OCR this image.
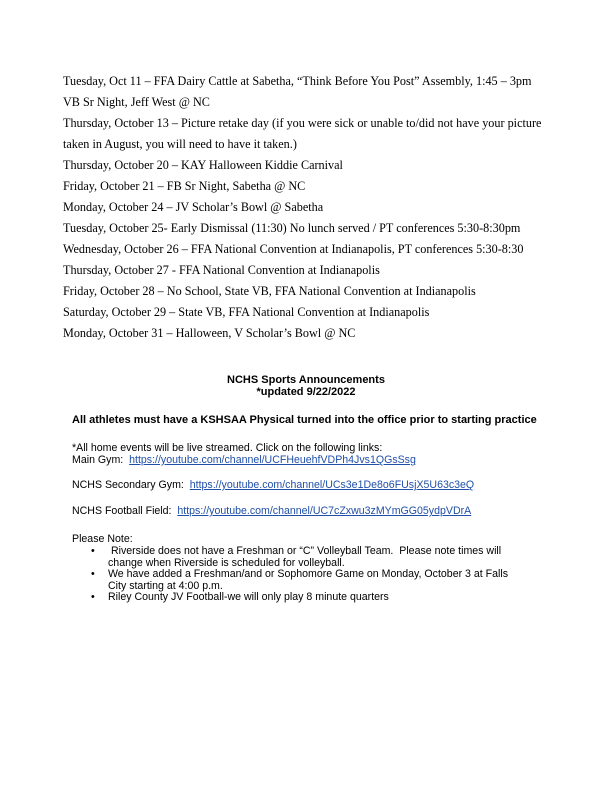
Tuesday, Oct 11 – FFA Dairy Cattle at Sabetha, “Think Before You Post” Assembly, 1:45 – 3pm
VB Sr Night, Jeff West @ NC
Thursday, October 13 – Picture retake day (if you were sick or unable to/did not have your picture
taken in August, you will need to have it taken.)
Thursday, October 20 – KAY Halloween Kiddie Carnival
Friday, October 21 – FB Sr Night, Sabetha @ NC
Monday, October 24 – JV Scholar’s Bowl @ Sabetha
Tuesday, October 25- Early Dismissal (11:30) No lunch served / PT conferences 5:30-8:30pm
Wednesday, October 26 – FFA National Convention at Indianapolis, PT conferences 5:30-8:30
Thursday, October 27 - FFA National Convention at Indianapolis
Friday, October 28 – No School, State VB, FFA National Convention at Indianapolis
Saturday, October 29 – State VB, FFA National Convention at Indianapolis
Monday, October 31 – Halloween, V Scholar’s Bowl @ NC
NCHS Sports Announcements
*updated 9/22/2022
All athletes must have a KSHSAA Physical turned into the office prior to starting practice
*All home events will be live streamed. Click on the following links:
Main Gym:  https://youtube.com/channel/UCFHeuehfVDPh4Jvs1QGsSsg
NCHS Secondary Gym:  https://youtube.com/channel/UCs3e1De8o6FUsjX5U63c3eQ
NCHS Football Field:  https://youtube.com/channel/UC7cZxwu3zMYmGG05ydpVDrA
Please Note:
• Riverside does not have a Freshman or “C” Volleyball Team.  Please note times will
change when Riverside is scheduled for volleyball.
• We have added a Freshman/and or Sophomore Game on Monday, October 3 at Falls
City starting at 4:00 p.m.
• Riley County JV Football-we will only play 8 minute quarters
